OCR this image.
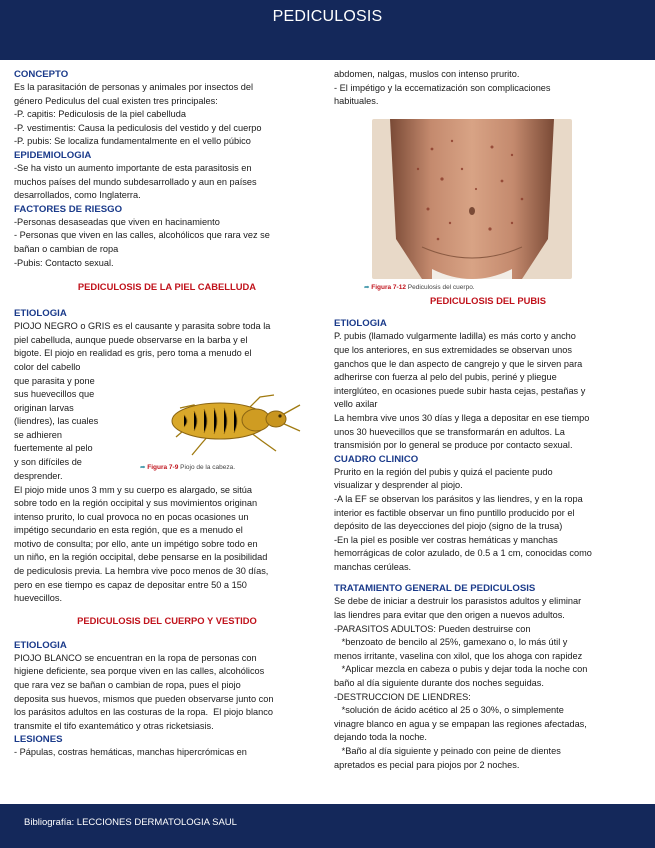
PEDICULOSIS
CONCEPTO
Es la parasitación de personas y animales por insectos del
género Pediculus del cual existen tres principales:
-P. capitis: Pediculosis de la piel cabelluda
-P. vestimentis: Causa la pediculosis del vestido y del cuerpo
-P. pubis: Se localiza fundamentalmente en el vello púbico
EPIDEMIOLOGIA
-Se ha visto un aumento importante de esta parasitosis en
muchos países del mundo subdesarrollado y aun en países
desarrollados, como Inglaterra.
FACTORES DE RIESGO
-Personas desaseadas que viven en hacinamiento
- Personas que viven en las calles, alcohólicos que rara vez se
bañan o cambian de ropa
-Pubis: Contacto sexual.
PEDICULOSIS DE LA PIEL CABELLUDA
ETIOLOGIA
PIOJO NEGRO o GRIS es el causante y parasita sobre toda la
piel cabelluda, aunque puede observarse en la barba y el
bigote. El piojo en realidad es gris, pero toma a menudo el
color del cabello
que parasita y pone
sus huevecillos que
originan larvas
(liendres), las cuales
se adhieren
fuertemente al pelo
y son difíciles de
desprender.
➦ Figura 7-9 Piojo de la cabeza.
El piojo mide unos 3 mm y su cuerpo es alargado, se sitúa
sobre todo en la región occipital y sus movimientos originan
intenso prurito, lo cual provoca no en pocas ocasiones un
impétigo secundario en esta región, que es a menudo el
motivo de consulta; por ello, ante un impétigo sobre todo en
un niño, en la región occipital, debe pensarse en la posibilidad
de pediculosis previa. La hembra vive poco menos de 30 días,
pero en ese tiempo es capaz de depositar entre 50 a 150
huevecillos.
PEDICULOSIS DEL CUERPO Y VESTIDO
ETIOLOGIA
PIOJO BLANCO se encuentran en la ropa de personas con
higiene deficiente, sea porque viven en las calles, alcohólicos
que rara vez se bañan o cambian de ropa, pues el piojo
deposita sus huevos, mismos que pueden observarse junto con
los parásitos adultos en las costuras de la ropa.  El piojo blanco
transmite el tifo exantemático y otras ricketsiasis.
LESIONES
- Pápulas, costras hemáticas, manchas hipercrómicas en
abdomen, nalgas, muslos con intenso prurito.
- El impétigo y la eccematización son complicaciones
habituales.
➦ Figura 7-12 Pediculosis del cuerpo.
PEDICULOSIS DEL PUBIS
ETIOLOGIA
P. pubis (llamado vulgarmente ladilla) es más corto y ancho
que los anteriores, en sus extremidades se observan unos
ganchos que le dan aspecto de cangrejo y que le sirven para
adherirse con fuerza al pelo del pubis, periné y pliegue
interglúteo, en ocasiones puede subir hasta cejas, pestañas y
vello axilar
La hembra vive unos 30 días y llega a depositar en ese tiempo
unos 30 huevecillos que se transformarán en adultos. La
transmisión por lo general se produce por contacto sexual.
CUADRO CLINICO
Prurito en la región del pubis y quizá el paciente pudo
visualizar y desprender al piojo.
-A la EF se observan los parásitos y las liendres, y en la ropa
interior es factible observar un fino puntillo producido por el
depósito de las deyecciones del piojo (signo de la trusa)
-En la piel es posible ver costras hemáticas y manchas
hemorrágicas de color azulado, de 0.5 a 1 cm, conocidas como
manchas cerúleas.
TRATAMIENTO GENERAL DE PEDICULOSIS
Se debe de iniciar a destruir los parasistos adultos y eliminar
las liendres para evitar que den origen a nuevos adultos.
-PARASITOS ADULTOS: Pueden destruirse con
*benzoato de bencilo al 25%, gamexano o, lo más útil y
menos irritante, vaselina con xilol, que los ahoga con rapidez
*Aplicar mezcla en cabeza o pubis y dejar toda la noche con
baño al día siguiente durante dos noches seguidas.
-DESTRUCCION DE LIENDRES:
*solución de ácido acético al 25 o 30%, o simplemente
vinagre blanco en agua y se empapan las regiones afectadas,
dejando toda la noche.
*Baño al día siguiente y peinado con peine de dientes
apretados es pecial para piojos por 2 noches.
Bibliografía: LECCIONES DERMATOLOGIA SAUL
